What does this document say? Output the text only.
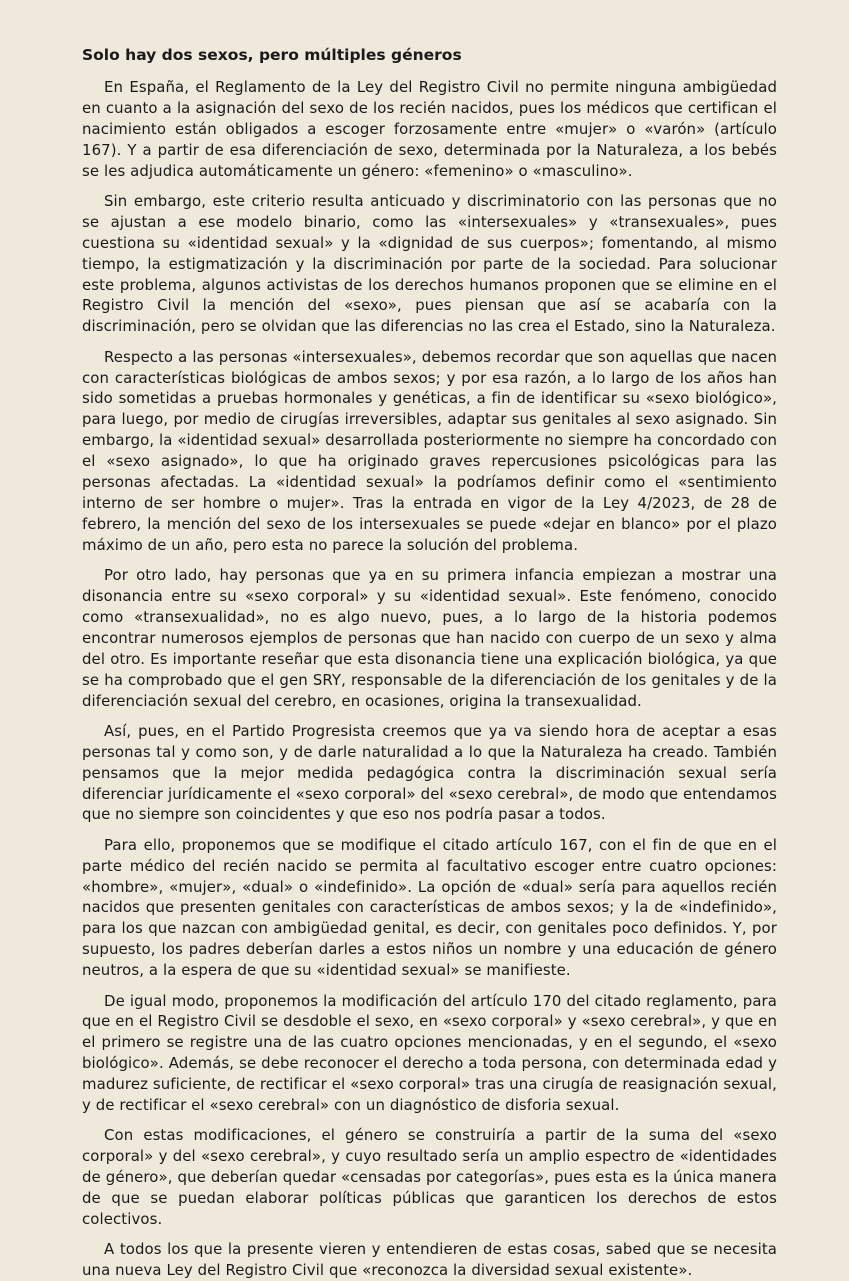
Solo hay dos sexos, pero múltiples géneros

En España, el Reglamento de la Ley del Registro Civil no permite ninguna ambigüedad en cuanto a la asignación del sexo de los recién nacidos, pues los médicos que certifican el nacimiento están obligados a escoger forzosamente entre «mujer» o «varón» (artículo 167). Y a partir de esa diferenciación de sexo, determinada por la Naturaleza, a los bebés se les adjudica automáticamente un género: «femenino» o «masculino».

Sin embargo, este criterio resulta anticuado y discriminatorio con las personas que no se ajustan a ese modelo binario, como las «intersexuales» y «transexuales», pues cuestiona su «identidad sexual» y la «dignidad de sus cuerpos»; fomentando, al mismo tiempo, la estigmatización y la discriminación por parte de la sociedad. Para solucionar este problema, algunos activistas de los derechos humanos proponen que se elimine en el Registro Civil la mención del «sexo», pues piensan que así se acabaría con la discriminación, pero se olvidan que las diferencias no las crea el Estado, sino la Naturaleza.

Respecto a las personas «intersexuales», debemos recordar que son aquellas que nacen con características biológicas de ambos sexos; y por esa razón, a lo largo de los años han sido sometidas a pruebas hormonales y genéticas, a fin de identificar su «sexo biológico», para luego, por medio de cirugías irreversibles, adaptar sus genitales al sexo asignado. Sin embargo, la «identidad sexual» desarrollada posteriormente no siempre ha concordado con el «sexo asignado», lo que ha originado graves repercusiones psicológicas para las personas afectadas. La «identidad sexual» la podríamos definir como el «sentimiento interno de ser hombre o mujer». Tras la entrada en vigor de la Ley 4/2023, de 28 de febrero, la mención del sexo de los intersexuales se puede «dejar en blanco» por el plazo máximo de un año, pero esta no parece la solución del problema.

Por otro lado, hay personas que ya en su primera infancia empiezan a mostrar una disonancia entre su «sexo corporal» y su «identidad sexual». Este fenómeno, conocido como «transexualidad», no es algo nuevo, pues, a lo largo de la historia podemos encontrar numerosos ejemplos de personas que han nacido con cuerpo de un sexo y alma del otro. Es importante reseñar que esta disonancia tiene una explicación biológica, ya que se ha comprobado que el gen SRY, responsable de la diferenciación de los genitales y de la diferenciación sexual del cerebro, en ocasiones, origina la transexualidad.

Así, pues, en el Partido Progresista creemos que ya va siendo hora de aceptar a esas personas tal y como son, y de darle naturalidad a lo que la Naturaleza ha creado. También pensamos que la mejor medida pedagógica contra la discriminación sexual sería diferenciar jurídicamente el «sexo corporal» del «sexo cerebral», de modo que entendamos que no siempre son coincidentes y que eso nos podría pasar a todos.

Para ello, proponemos que se modifique el citado artículo 167, con el fin de que en el parte médico del recién nacido se permita al facultativo escoger entre cuatro opciones: «hombre», «mujer», «dual» o «indefinido». La opción de «dual» sería para aquellos recién nacidos que presenten genitales con características de ambos sexos; y la de «indefinido», para los que nazcan con ambigüedad genital, es decir, con genitales poco definidos. Y, por supuesto, los padres deberían darles a estos niños un nombre y una educación de género neutros, a la espera de que su «identidad sexual» se manifieste.

De igual modo, proponemos la modificación del artículo 170 del citado reglamento, para que en el Registro Civil se desdoble el sexo, en «sexo corporal» y «sexo cerebral», y que en el primero se registre una de las cuatro opciones mencionadas, y en el segundo, el «sexo biológico». Además, se debe reconocer el derecho a toda persona, con determinada edad y madurez suficiente, de rectificar el «sexo corporal» tras una cirugía de reasignación sexual, y de rectificar el «sexo cerebral» con un diagnóstico de disforia sexual.

Con estas modificaciones, el género se construiría a partir de la suma del «sexo corporal» y del «sexo cerebral», y cuyo resultado sería un amplio espectro de «identidades de género», que deberían quedar «censadas por categorías», pues esta es la única manera de que se puedan elaborar políticas públicas que garanticen los derechos de estos colectivos.

A todos los que la presente vieren y entendieren de estas cosas, sabed que se necesita una nueva Ley del Registro Civil que «reconozca la diversidad sexual existente».
